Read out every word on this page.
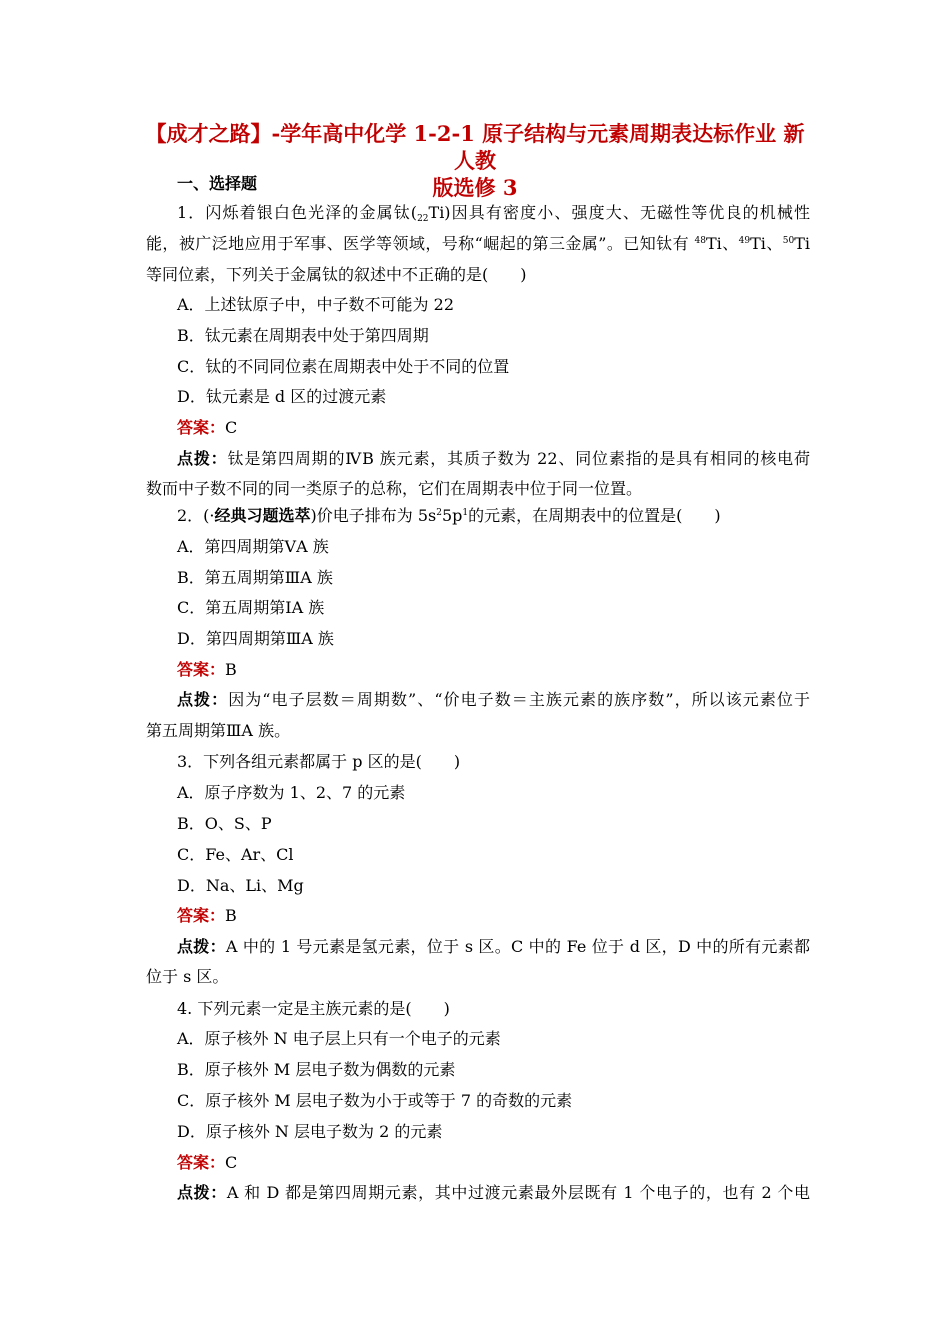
【成才之路】-学年高中化学 1-2-1 原子结构与元素周期表达标作业 新人教
版选修 3
一、选择题
1．闪烁着银白色光泽的金属钛$(_{22}Ti)$因具有密度小、强度大、无磁性等优良的机械性
能，被广泛地应用于军事、医学等领域，号称“崛起的第三金属”。已知钛有 $^{48}$Ti、$^{49}$Ti、$^{50}$Ti
等同位素，下列关于金属钛的叙述中不正确的是(　　)
A．上述钛原子中，中子数不可能为 22
B．钛元素在周期表中处于第四周期
C．钛的不同同位素在周期表中处于不同的位置
D．钛元素是 d 区的过渡元素
答案：C
点拨：钛是第四周期的ⅣB 族元素，其质子数为 22、同位素指的是具有相同的核电荷
数而中子数不同的同一类原子的总称，它们在周期表中位于同一位置。
2．(·经典习题选萃)价电子排布为 $5s^25p^1$的元素，在周期表中的位置是(　　)
A．第四周期第ⅤA 族
B．第五周期第ⅢA 族
C．第五周期第ⅠA 族
D．第四周期第ⅢA 族
答案：B
点拨：因为“电子层数＝周期数”、“价电子数＝主族元素的族序数”，所以该元素位于
第五周期第ⅢA 族。
3．下列各组元素都属于 p 区的是(　　)
A．原子序数为 1、2、7 的元素
B．O、S、P
C．Fe、Ar、Cl
D．Na、Li、Mg
答案：B
点拨：A 中的 1 号元素是氢元素，位于 s 区。C 中的 Fe 位于 d 区，D 中的所有元素都
位于 s 区。
4. 下列元素一定是主族元素的是(　　)
A．原子核外 N 电子层上只有一个电子的元素
B．原子核外 M 层电子数为偶数的元素
C．原子核外 M 层电子数为小于或等于 7 的奇数的元素
D．原子核外 N 层电子数为 2 的元素
答案：C
点拨：A 和 D 都是第四周期元素，其中过渡元素最外层既有 1 个电子的，也有 2 个电
